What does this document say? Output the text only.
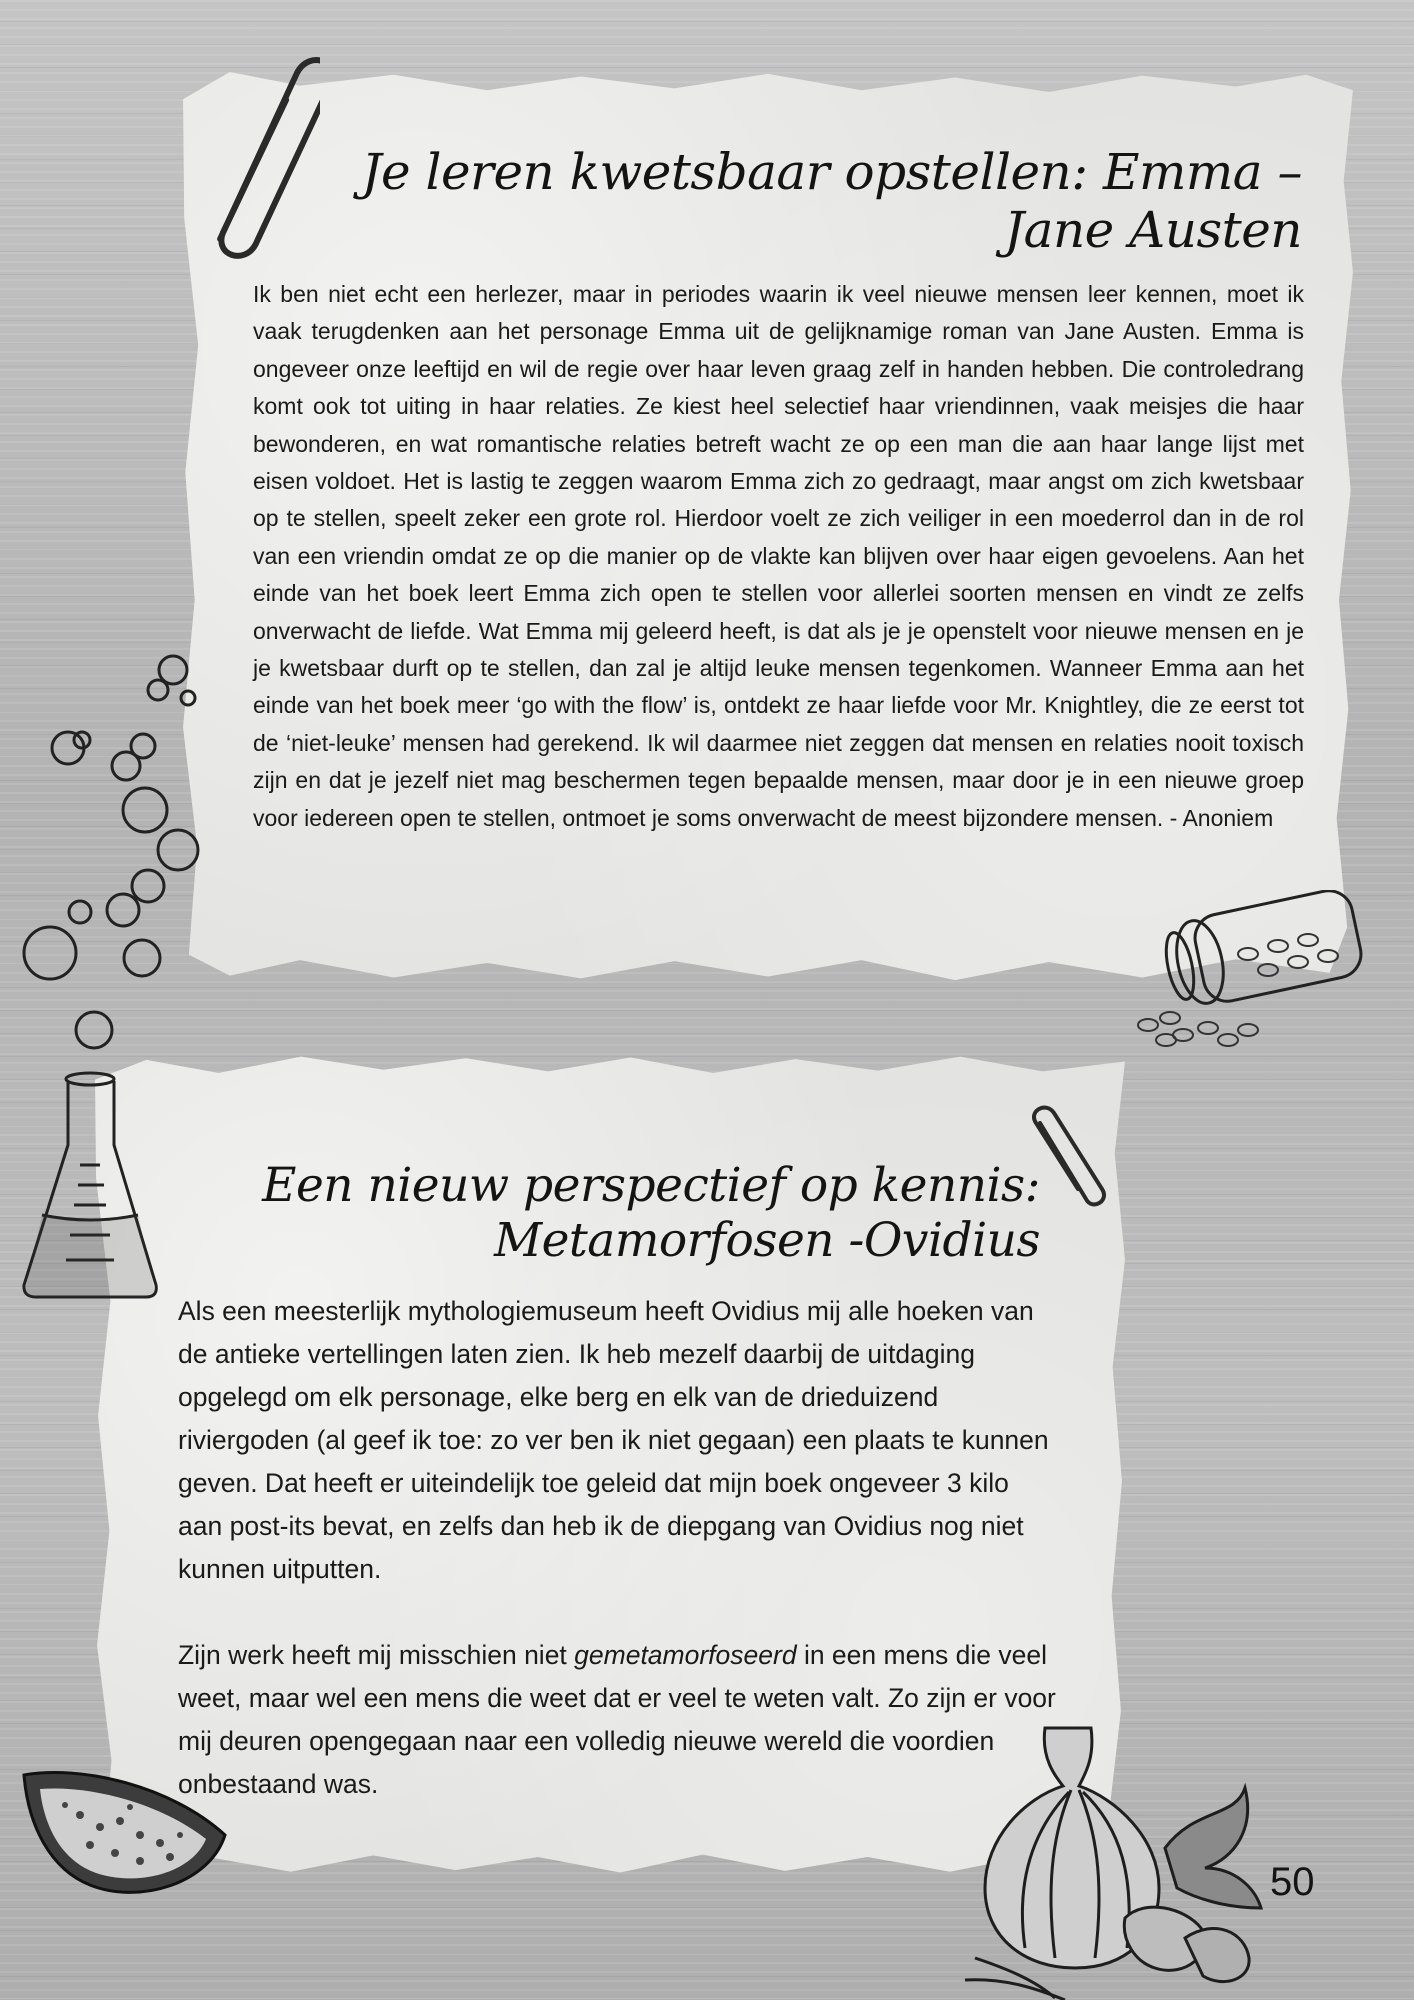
Je leren kwetsbaar opstellen: Emma – Jane Austen

Ik ben niet echt een herlezer, maar in periodes waarin ik veel nieuwe mensen leer kennen, moet ik vaak terugdenken aan het personage Emma uit de gelijknamige roman van Jane Austen. Emma is ongeveer onze leeftijd en wil de regie over haar leven graag zelf in handen hebben. Die controledrang komt ook tot uiting in haar relaties. Ze kiest heel selectief haar vriendinnen, vaak meisjes die haar bewonderen, en wat romantische relaties betreft wacht ze op een man die aan haar lange lijst met eisen voldoet. Het is lastig te zeggen waarom Emma zich zo gedraagt, maar angst om zich kwetsbaar op te stellen, speelt zeker een grote rol. Hierdoor voelt ze zich veiliger in een moederrol dan in de rol van een vriendin omdat ze op die manier op de vlakte kan blijven over haar eigen gevoelens. Aan het einde van het boek leert Emma zich open te stellen voor allerlei soorten mensen en vindt ze zelfs onverwacht de liefde. Wat Emma mij geleerd heeft, is dat als je je openstelt voor nieuwe mensen en je je kwetsbaar durft op te stellen, dan zal je altijd leuke mensen tegenkomen. Wanneer Emma aan het einde van het boek meer ‘go with the flow’ is, ontdekt ze haar liefde voor Mr. Knightley, die ze eerst tot de ‘niet-leuke’ mensen had gerekend. Ik wil daarmee niet zeggen dat mensen en relaties nooit toxisch zijn en dat je jezelf niet mag beschermen tegen bepaalde mensen, maar door je in een nieuwe groep voor iedereen open te stellen, ontmoet je soms onverwacht de meest bijzondere mensen. - Anoniem

Een nieuw perspectief op kennis: Metamorfosen -Ovidius

Als een meesterlijk mythologiemuseum heeft Ovidius mij alle hoeken van de antieke vertellingen laten zien. Ik heb mezelf daarbij de uitdaging opgelegd om elk personage, elke berg en elk van de drieduizend riviergoden (al geef ik toe: zo ver ben ik niet gegaan) een plaats te kunnen geven. Dat heeft er uiteindelijk toe geleid dat mijn boek ongeveer 3 kilo aan post-its bevat, en zelfs dan heb ik de diepgang van Ovidius nog niet kunnen uitputten.

Zijn werk heeft mij misschien niet gemetamorfoseerd in een mens die veel weet, maar wel een mens die weet dat er veel te weten valt. Zo zijn er voor mij deuren opengegaan naar een volledig nieuwe wereld die voordien onbestaand was.

50
